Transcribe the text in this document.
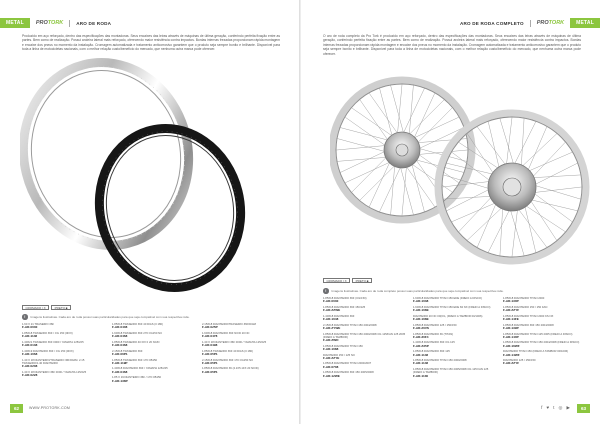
METAL	PROTORK	ARO DE RODA	ARO DE RODA COMPLETO PROTORK	METAL

Produzido em aço reforçado, dentro das especificações das montadoras. Seus encaixes das leiras através de máquinas de última geração, conferindo perfeita fixação entre as partes. Bem como de realização. Possui aroleira lateral mais reforçado, oferecendo maior resistência contra impactos. Bordas internas frezadas proporcionam rápida montagem e encaixe dos pneus no momento da instalação. Cromagem automatizada e tratamento anticorrosivo garantem que o produto seja sempre bonito e brilhante. Disponível para toda a linha de motocicletas nacionais, com o melhor relação custo/benefício do mercado, que nenhuma outra marca pode oferecer.

O aro de roda completo da Pro Tork é produzido em aço reforçado, dentro das especificações das montadoras. Seus encaixes das leiras através de máquinas de última geração, conferindo perfeita fixação entre as partes. Bem como de realização. Possui aroleira lateral mais reforçado, oferecendo maior resistência contra impactos. Bordas internas frezadas proporcionam rápida montagem e encaixe dos pneus no momento da instalação. Cromagem automatizada e tratamento anticorrosivo garantem que o produto seja sempre bonito e brilhante. Disponível para toda a linha de motocicletas nacionais, com o melhor relação custo/benefício do mercado, que nenhuma outra marca pode oferecer.

CROMADO / X	PRETO ■
!	Imagens ilustrativas. Cada aro de roda possui suas particularidades para que seja compatível com sua respectiva roda.
CROMADO / X	PRETO ■
!	Imagens ilustrativas. Cada aro de roda completo possui suas particularidades para que seja compatível com sua respectiva roda.
1.60 X 21 TRASEIRO 36F
F-AR-0030
1.85X18 TRASEIRO 36F / CG 150 (0FIX)
F-AR-1148
1.40X21 TRASEIRO 36F 0000 / YAMAHA 125/225
F-AR-0138
1.40X19 DIANTEIRO 36F / CG 150 (0FIX)
F-AR-1068
1.40 X 18 DIANTEIRO/TRASEIRO 36F/DIAM. 2.15 TRASEIRO/1.40 DIANTEIRO
F-AR-0208
1.40 X 18 DIANTEIRO 36F 0000 / YAMAHA 125/225
F-AR-0228
1.85X18 TRASEIRO 36F 40 DIAS (0 180)
F-AR-0408
1.60X18 TRASEIRO 36F 270 CG150 NC
F-AR-0468
1.85X18 TRASEIRO 40 FIX 0 20 NC/D
F-AR-0468
2.15X18 TRASEIRO 36F
F-AR-06P1
1.85X18 TRASEIRO 36F 170 CB150
F-AR-119P
1.40X18 DIANTEIRO 36F / YAMAHA 125/225
F-AR-0468
1.85 X 19 DIANTEIRO 36F / 170 CB150
F-AR-138P
2.15X18 DIANTEIRO/TRASEIRO 36F/DIAM
F-AR-025P
1.60X18 DIANTEIRO 36F NC/D 20 NC
F-AR-0478
1.40 X 18 DIANTEIRO 36F 0000 / YAMAHA 125/225
F-AR-0498
1.85X18 TRASEIRO 36F 40 DIAS (0 180)
F-AR-05P1
2.15X18 DIANTEIRO 36F 170 CG150 NC
F-AR-05P1
1.85X18 DIANTEIRO 36 (4.1X5.1FX 20 NC/D)
F-AR-05P1
1.85X18 DIANTEIRO 36F (CG/150)
F-AR-0030
1.85X18 DIANTEIRO 36F 150/125
F-AR-ZZWE
1.40X18 DIANTEIRO 36F
F-AR-1048
2.15X18 DIANTEIRO TITAN 150 2004/2008
F-AR-ZYWE
1.85X18 DIANTEIRO TITAN 150 2000/2008 CG 125/FAN 125 2005 (FREIO A TAMBOR)
F-AR-ZWD
1.85X18 DIANTEIRO TITAN 150
F-AR-1088
DIANTEIRO 150 / 125 NC
F-AR-ZZYE
1.85X18 DIANTEIRO TITAN 2000/2007
F-AR-0708
1.85X18 DIANTEIRO 36F 150 2005/2008
F-AR-12WE
1.60X18 DIANTEIRO TITAN 150 EDE (FREIO A DISCO)
F-AR-1038
1.60X18 DIANTEIRO TITAN 150 EDE 84 NX (FREIO A DISCO)
F-AR-108E
DIANTEIRO 20 NC 00(CG, (FREIO A TAMBOR 00/1006)
F-AR-108E
1.85X18 DIANTEIRO 125 / 150/150
F-AR-20VS
1.85X18 DIANTEIRO 36 (TITAN)
F-AR-30F4
1.40X18 DIANTEIRO 36F CG 125
F-AR-Z35P
1.85X18 DIANTEIRO 36F 125
F-AR-1148
1.85X18 DIANTEIRO TITAN 150 2000/2008
F-AR-1148
1.85X18 DIANTEIRO TITAN 150 2005/2008 CG 125 FAN 125 (FREIO A TAMBOR)
F-AR-1130
1.85X18 DIANTEIRO TITAN 2000
F-AR-130P
1.85X18 DIANTEIRO 150 / 150 FAN
F-AR-ZZYF
1.85X18 DIANTEIRO TITAN 2000 KS NX
F-AR-14FE
1.85X18 DIANTEIRO 36F 150 2004/2008
F-AR-139P
1.85X18 DIANTEIRO TITAN 125 2005 (FREIO A DISCO)
F-AR-140P
1.85X18 DIANTEIRO TITAN 150 2004/2008 (FREIO A DISCO)
F-AR-16WF
DIANTEIRO TITAN 150 (FREIO A TAMBOR 00/1006)
F-AR-14WF
DIANTEIRO 125 / 150/150
F-AR-ZZYF
62	WWW.PROTORK.COM	f ♥ t ◎ ▶	63
